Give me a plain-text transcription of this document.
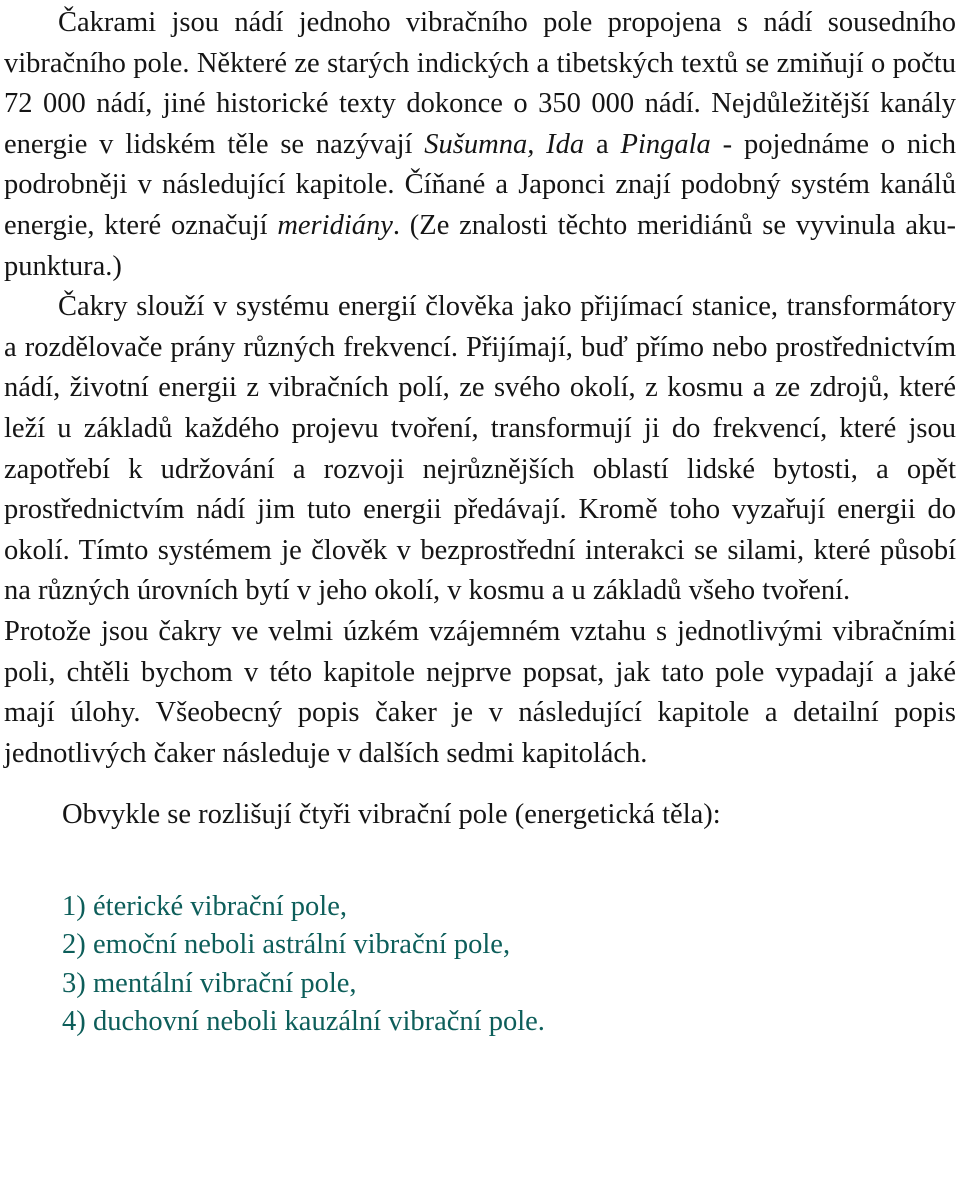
Čakrami jsou nádí jednoho vibračního pole propojena s nádí sousedního vibračního pole. Některé ze starých indických a tibetských textů se zmiňují o počtu 72 000 nádí, jiné historické texty dokonce o 350 000 nádí. Nejdůležitější kanály energie v lidském těle se nazývají Sušumna, Ida a Pingala - pojednáme o nich podrobněji v následující kapitole. Číňané a Japonci znají podobný systém kanálů energie, které označují meridiány. (Ze znalosti těchto meridiánů se vyvinula aku-punktura.)

Čakry slouží v systému energií člověka jako přijímací stanice, transformátory a rozdělovače prány různých frekvencí. Přijímají, buď přímo nebo prostřednictvím nádí, životní energii z vibračních polí, ze svého okolí, z kosmu a ze zdrojů, které leží u základů každého projevu tvoření, transformují ji do frekvencí, které jsou zapotřebí k udržování a rozvoji nejrůznějších oblastí lidské bytosti, a opět prostřednictvím nádí jim tuto energii předávají. Kromě toho vyzařují energii do okolí. Tímto systémem je člověk v bezprostřední interakci se silami, které působí na různých úrovních bytí v jeho okolí, v kosmu a u základů všeho tvoření.

Protože jsou čakry ve velmi úzkém vzájemném vztahu s jednotlivými vibračními poli, chtěli bychom v této kapitole nejprve popsat, jak tato pole vypadají a jaké mají úlohy. Všeobecný popis čaker je v následující kapitole a detailní popis jednotlivých čaker následuje v dalších sedmi kapitolách.

Obvykle se rozlišují čtyři vibrační pole (energetická těla):

1) éterické vibrační pole,
2) emoční neboli astrální vibrační pole,
3) mentální vibrační pole,
4) duchovní neboli kauzální vibrační pole.
